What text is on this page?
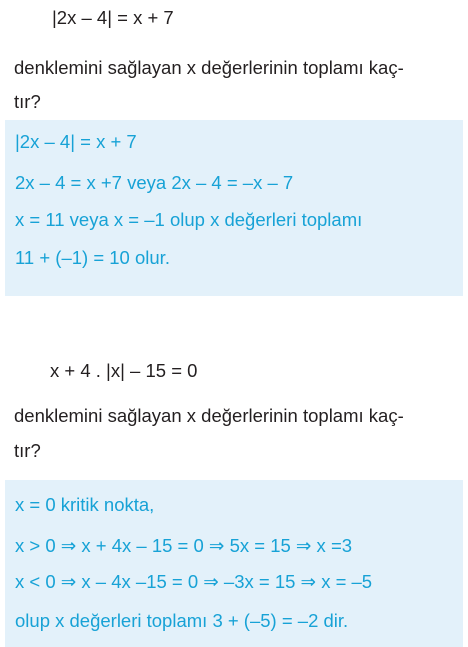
|2x – 4| = x + 7
denklemini sağlayan x değerlerinin toplamı kaç-
tır?
|2x – 4| = x + 7
2x – 4 = x +7 veya 2x – 4 = –x – 7
x = 11 veya x = –1 olup x değerleri toplamı
11 + (–1) = 10 olur.
x + 4 . |x| – 15 = 0
denklemini sağlayan x değerlerinin toplamı kaç-
tır?
x = 0 kritik nokta,
x > 0 ⇒ x + 4x – 15 = 0 ⇒ 5x = 15 ⇒ x =3
x < 0 ⇒ x – 4x –15 = 0 ⇒ –3x = 15 ⇒ x = –5
olup x değerleri toplamı 3 + (–5) = –2 dir.
